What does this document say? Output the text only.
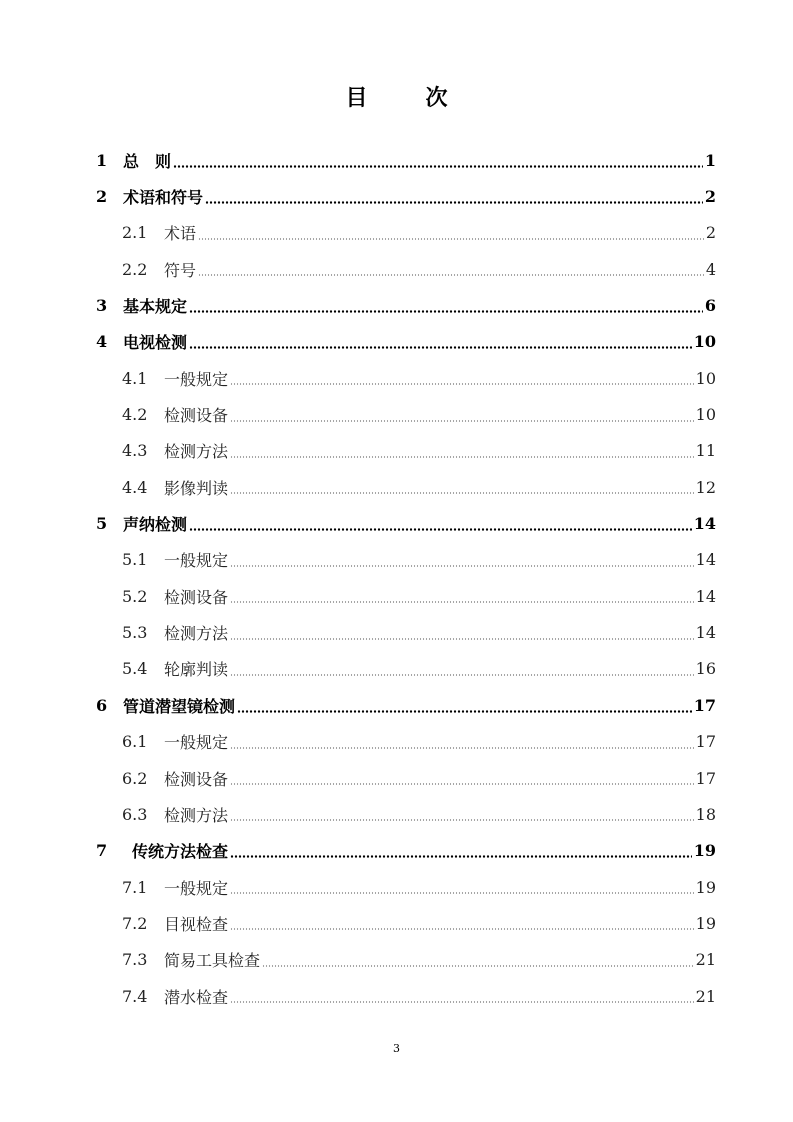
目	次
1 总　则	1
2 术语和符号	2
2.1	术语	2
2.2	符号	4
3 基本规定	6
4 电视检测	10
4.1	一般规定	10
4.2	检测设备	10
4.3	检测方法	11
4.4	影像判读	12
5 声纳检测	14
5.1	一般规定	14
5.2	检测设备	14
5.3	检测方法	14
5.4	轮廓判读	16
6 管道潜望镜检测	17
6.1	一般规定	17
6.2	检测设备	17
6.3	检测方法	18
7	传统方法检查	19
7.1	一般规定	19
7.2	目视检查	19
7.3	简易工具检查	21
7.4	潜水检查	21
3
